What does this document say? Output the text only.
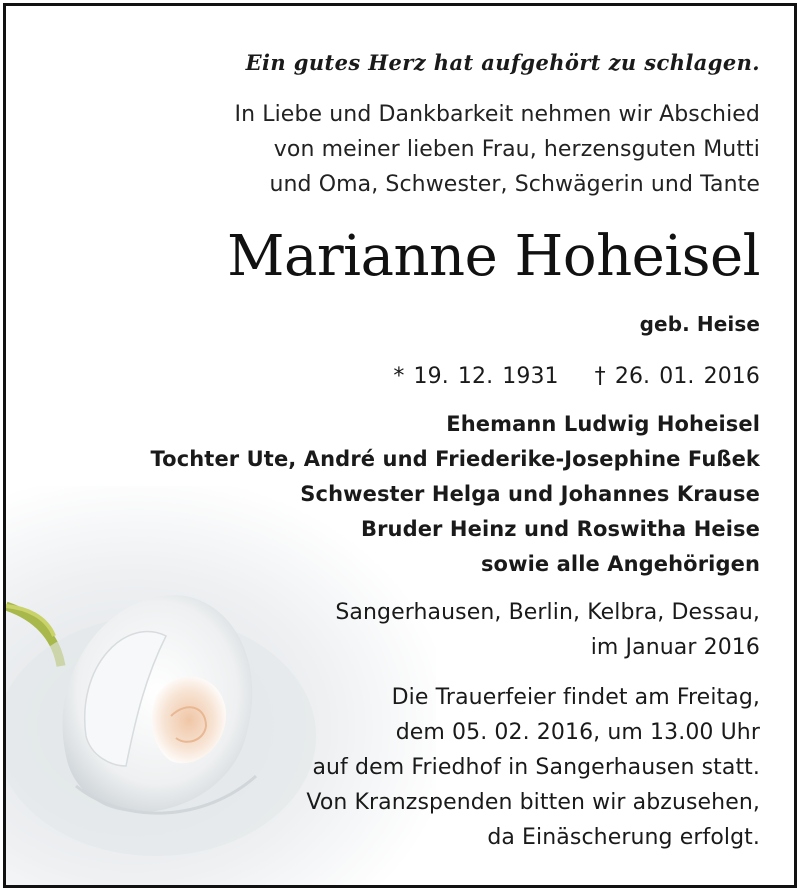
Ein gutes Herz hat aufgehört zu schlagen.
In Liebe und Dankbarkeit nehmen wir Abschied
von meiner lieben Frau, herzensguten Mutti
und Oma, Schwester, Schwägerin und Tante
Marianne Hoheisel
geb. Heise
* 19. 12. 1931 † 26. 01. 2016
Ehemann Ludwig Hoheisel
Tochter Ute, André und Friederike-Josephine Fußek
Schwester Helga und Johannes Krause
Bruder Heinz und Roswitha Heise
sowie alle Angehörigen
Sangerhausen, Berlin, Kelbra, Dessau,
im Januar 2016
Die Trauerfeier findet am Freitag,
dem 05. 02. 2016, um 13.00 Uhr
auf dem Friedhof in Sangerhausen statt.
Von Kranzspenden bitten wir abzusehen,
da Einäscherung erfolgt.
